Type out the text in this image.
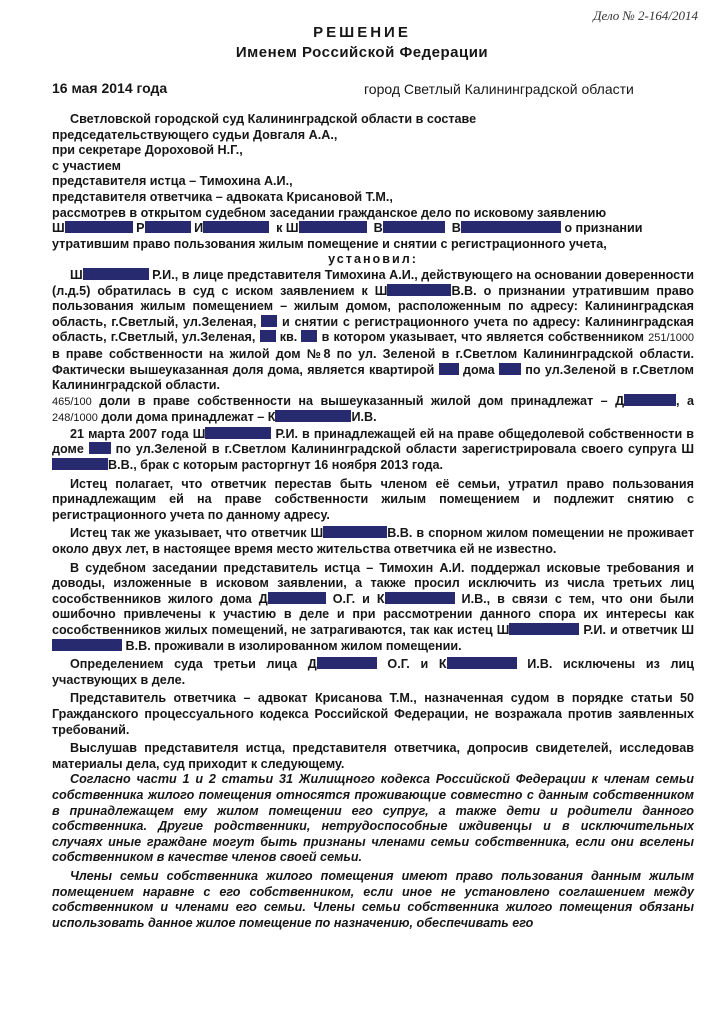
Дело № 2-164/2014
РЕШЕНИЕ
Именем Российской Федерации
16 мая 2014 года	город Светлый Калининградской области

Светловской городской суд Калининградской области в составе

председательствующего судьи Довгаля А.А.,

при секретаре Дороховой Н.Г.,

с участием

представителя истца – Тимохина А.И.,

представителя ответчика – адвоката Крисановой Т.М.,

рассмотрев в открытом судебном заседании гражданское дело по исковому заявлению

Ш	Р	И	к Ш	В	В	о признании

утратившим право пользования жилым помещение и снятии с регистрационного учета,

установил:

Ш	Р.И., в лице представителя Тимохина А.И., действующего на основании доверенности (л.д.5) обратилась в суд с иском заявлением к Ш	В.В. о признании утратившим право пользования жилым помещением – жилым домом, расположенным по адресу: Калининградская область, г.Светлый, ул.Зеленая, и снятии с регистрационного учета по адресу: Калининградская область, г.Светлый, ул.Зеленая, кв. в котором указывает, что является собственником 251/1000 в праве собственности на жилой дом №8 по ул. Зеленой в г.Светлом Калининградской области. Фактически вышеуказанная доля дома, является квартирой дома по ул.Зеленой в г.Светлом Калининградской области.

465/100 доли в праве собственности на вышеуказанный жилой дом принадлежат – Д	, а 248/1000 доли дома принадлежат – К	И.В.

21 марта 2007 года Ш	Р.И. в принадлежащей ей на праве общедолевой собственности в доме	по ул.Зеленой в г.Светлом Калининградской области зарегистрировала своего супруга ШВ.В., брак с которым расторгнут 16 ноября 2013 года.

Истец полагает, что ответчик перестав быть членом её семьи, утратил право пользования принадлежащим ей на праве собственности жилым помещением и подлежит снятию с регистрационного учета по данному адресу.

Истец так же указывает, что ответчик Ш	В.В. в спорном жилом помещении не проживает около двух лет, в настоящее время место жительства ответчика ей не известно.

В судебном заседании представитель истца – Тимохин А.И. поддержал исковые требования и доводы, изложенные в исковом заявлении, а также просил исключить из числа третьих лиц сособственников жилого дома Д	О.Г. и К	И.В., в связи с тем, что они были ошибочно привлечены к участию в деле и при рассмотрении данного спора их интересы как сособственников жилых помещений, не затрагиваются, так как истец Ш	Р.И. и ответчик Ш В.В. проживали в изолированном жилом помещении.

Определением суда третьи лица Д	О.Г. и К	И.В. исключены из лиц участвующих в деле.

Представитель ответчика – адвокат Крисанова Т.М., назначенная судом в порядке статьи 50 Гражданского процессуального кодекса Российской Федерации, не возражала против заявленных требований.

Выслушав представителя истца, представителя ответчика, допросив свидетелей, исследовав материалы дела, суд приходит к следующему.

Согласно части 1 и 2 статьи 31 Жилищного кодекса Российской Федерации к членам семьи собственника жилого помещения относятся проживающие совместно с данным собственником в принадлежащем ему жилом помещении его супруг, а также дети и родители данного собственника. Другие родственники, нетрудоспособные иждивенцы и в исключительных случаях иные граждане могут быть признаны членами семьи собственника, если они вселены собственником в качестве членов своей семьи.

Члены семьи собственника жилого помещения имеют право пользования данным жилым помещением наравне с его собственником, если иное не установлено соглашением между собственником и членами его семьи. Члены семьи собственника жилого помещения обязаны использовать данное жилое помещение по назначению, обеспечивать его
